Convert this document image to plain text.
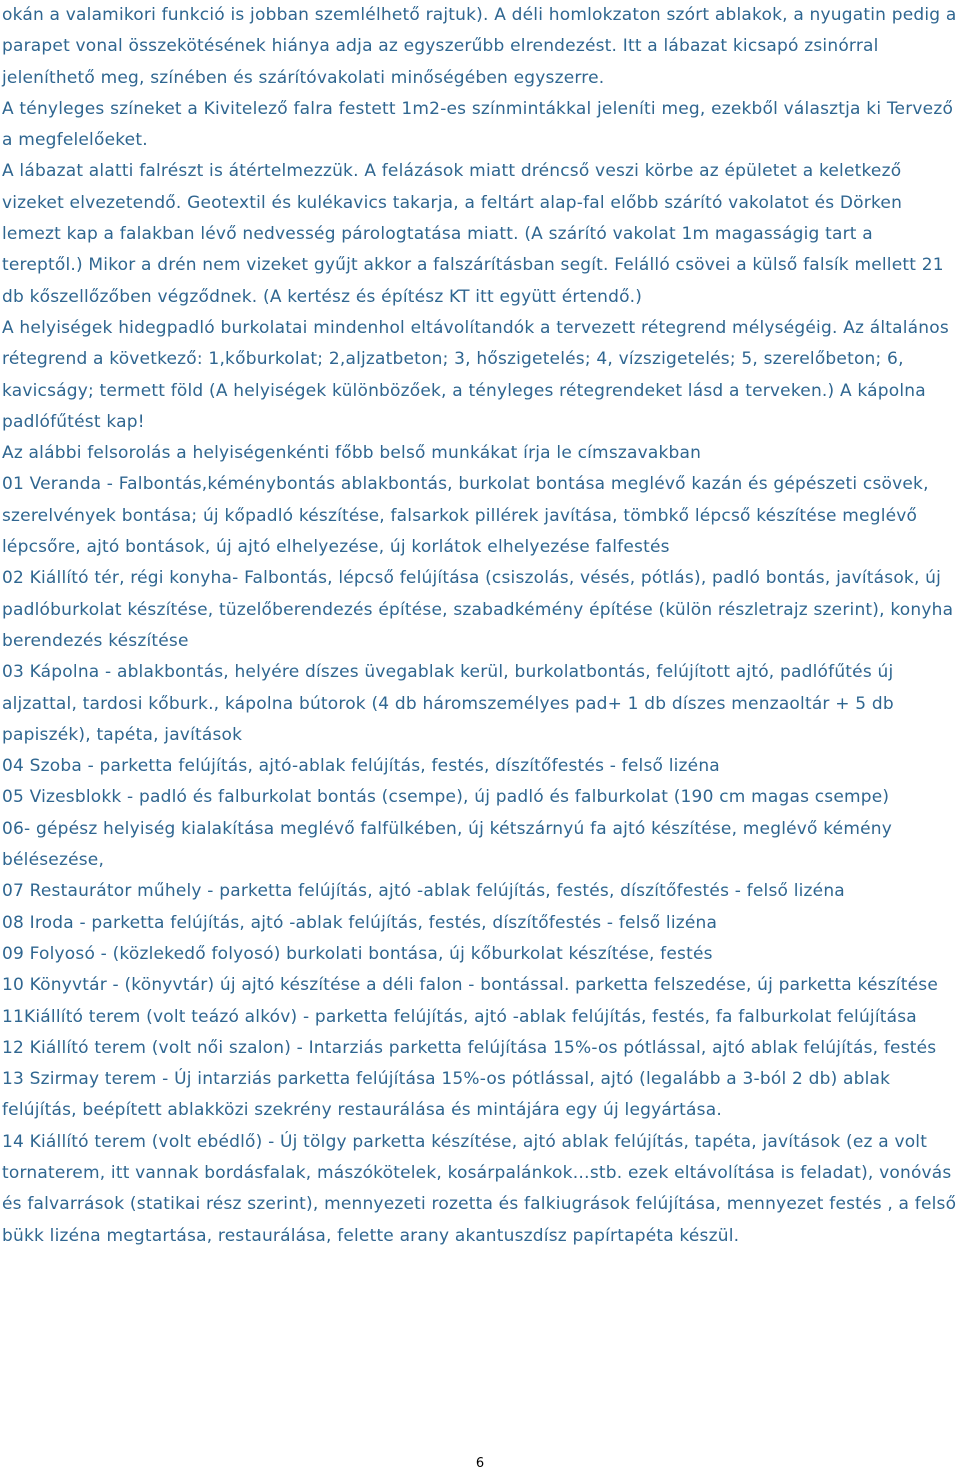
okán a valamikori funkció is jobban szemlélhető rajtuk). A déli homlokzaton szórt ablakok, a nyugatin pedig a parapet vonal összekötésének hiánya adja az egyszerűbb elrendezést. Itt a lábazat kicsapó zsinórral jeleníthető meg, színében és szárítóvakolati minőségében egyszerre.

A tényleges színeket a Kivitelező falra festett 1m2-es színmintákkal jeleníti meg, ezekből választja ki Tervező a megfelelőeket.

A lábazat alatti falrészt is átértelmezzük. A felázások miatt dréncső veszi körbe az épületet a keletkező vizeket elvezetendő. Geotextil és kulékavics takarja, a feltárt alap-fal előbb szárító vakolatot és Dörken lemezt kap a falakban lévő nedvesség párologtatása miatt. (A szárító vakolat 1m magasságig tart a tereptől.) Mikor a drén nem vizeket gyűjt akkor a falszárításban segít. Felálló csövei a külső falsík mellett 21 db kőszellőzőben végződnek. (A kertész és építész KT itt együtt értendő.)

A helyiségek hidegpadló burkolatai mindenhol eltávolítandók a tervezett rétegrend mélységéig. Az általános rétegrend a következő: 1,kőburkolat; 2,aljzatbeton; 3, hőszigetelés; 4, vízszigetelés; 5, szerelőbeton; 6, kavicságy; termett föld (A helyiségek különbözőek, a tényleges rétegrendeket lásd a terveken.) A kápolna padlófűtést kap!

Az alábbi felsorolás a helyiségenkénti főbb belső munkákat írja le címszavakban

01 Veranda - Falbontás,kéménybontás ablakbontás, burkolat bontása meglévő kazán és gépészeti csövek, szerelvények bontása; új kőpadló készítése, falsarkok pillérek javítása, tömbkő lépcső készítése meglévő lépcsőre, ajtó bontások, új ajtó elhelyezése, új korlátok elhelyezése falfestés

02 Kiállító tér, régi konyha- Falbontás, lépcső felújítása (csiszolás, vésés, pótlás), padló bontás, javítások, új padlóburkolat készítése, tüzelőberendezés építése, szabadkémény építése (külön részletrajz szerint), konyha berendezés készítése

03 Kápolna - ablakbontás, helyére díszes üvegablak kerül, burkolatbontás, felújított ajtó, padlófűtés új aljzattal, tardosi kőburk., kápolna bútorok (4 db háromszemélyes pad+ 1 db díszes menzaoltár + 5 db papiszék), tapéta, javítások

04 Szoba - parketta felújítás, ajtó-ablak felújítás, festés, díszítőfestés - felső lizéna

05 Vizesblokk - padló és falburkolat bontás (csempe), új padló és falburkolat (190 cm magas csempe)

06- gépész helyiség kialakítása meglévő falfülkében, új kétszárnyú fa ajtó készítése, meglévő kémény bélésezése,

07 Restaurátor műhely - parketta felújítás, ajtó -ablak felújítás, festés, díszítőfestés - felső lizéna

08 Iroda - parketta felújítás, ajtó -ablak felújítás, festés, díszítőfestés - felső lizéna

09 Folyosó - (közlekedő folyosó) burkolati bontása, új kőburkolat készítése, festés

10 Könyvtár - (könyvtár) új ajtó készítése a déli falon - bontással. parketta felszedése, új parketta készítése

11Kiállító terem (volt teázó alkóv) - parketta felújítás, ajtó -ablak felújítás, festés, fa falburkolat felújítása

12 Kiállító terem (volt női szalon) - Intarziás parketta felújítása 15%-os pótlással, ajtó ablak felújítás, festés

13 Szirmay terem - Új intarziás parketta felújítása 15%-os pótlással, ajtó (legalább a 3-ból 2 db) ablak felújítás, beépített ablakközi szekrény restaurálása és mintájára egy új legyártása.

14 Kiállító terem (volt ebédlő) - Új tölgy parketta készítése, ajtó ablak felújítás, tapéta, javítások (ez a volt tornaterem, itt vannak bordásfalak, mászókötelek, kosárpalánkok…stb. ezek eltávolítása is feladat), vonóvás és falvarrások (statikai rész szerint), mennyezeti rozetta és falkiugrások felújítása, mennyezet festés , a felső bükk lizéna megtartása, restaurálása, felette arany akantuszdísz papírtapéta készül.

6
